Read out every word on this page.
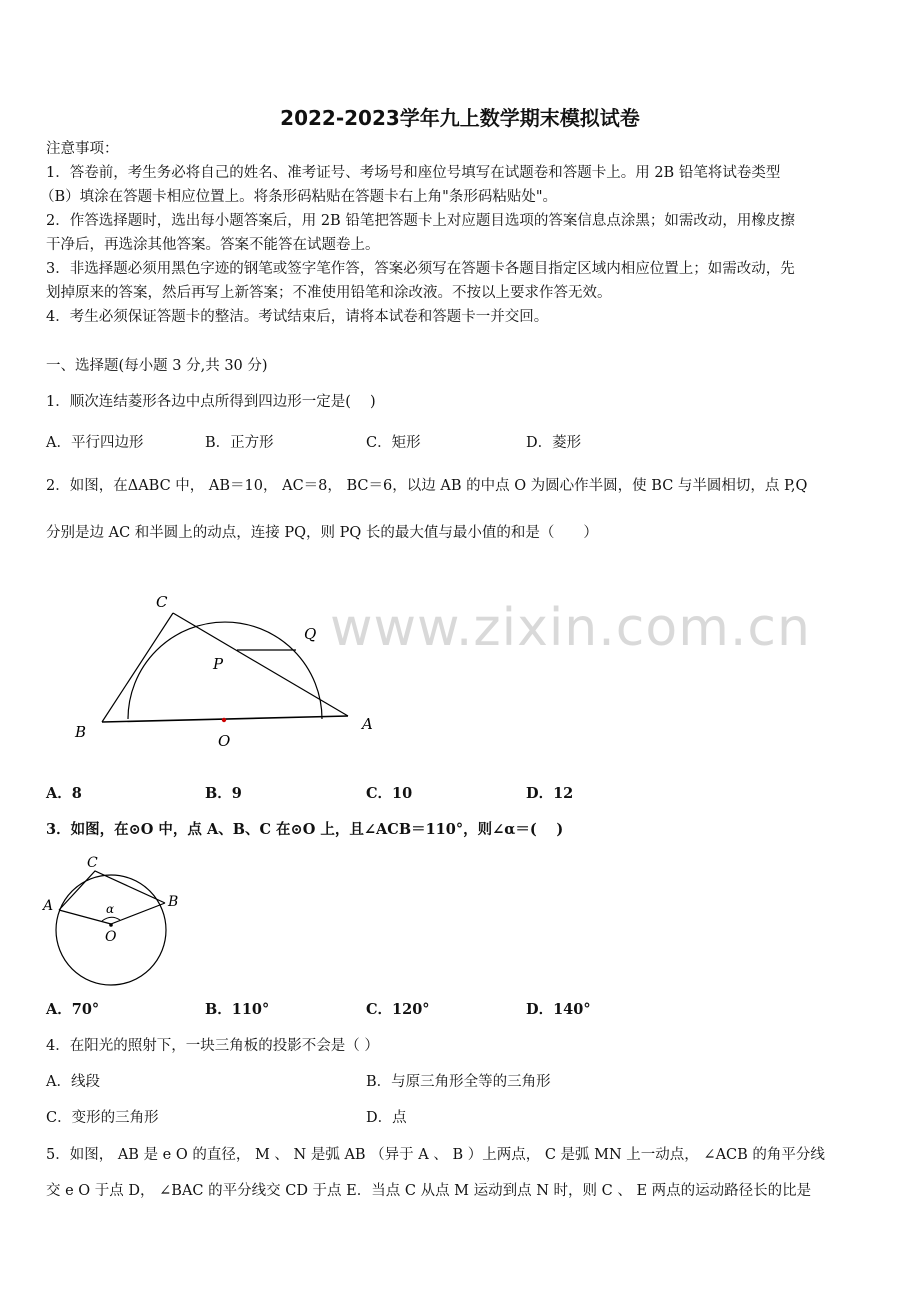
2022-2023学年九上数学期末模拟试卷
注意事项：
1．答卷前，考生务必将自己的姓名、准考证号、考场号和座位号填写在试题卷和答题卡上。用 2B 铅笔将试卷类型
（B）填涂在答题卡相应位置上。将条形码粘贴在答题卡右上角"条形码粘贴处"。
2．作答选择题时，选出每小题答案后，用 2B 铅笔把答题卡上对应题目选项的答案信息点涂黑；如需改动，用橡皮擦
干净后，再选涂其他答案。答案不能答在试题卷上。
3．非选择题必须用黑色字迹的钢笔或签字笔作答，答案必须写在答题卡各题目指定区域内相应位置上；如需改动，先
划掉原来的答案，然后再写上新答案；不准使用铅笔和涂改液。不按以上要求作答无效。
4．考生必须保证答题卡的整洁。考试结束后，请将本试卷和答题卡一并交回。
一、选择题(每小题 3 分,共 30 分)
1．顺次连结菱形各边中点所得到四边形一定是(　 )
A．平行四边形	B．正方形	C．矩形	D．菱形
2．如图，在ΔABC 中， AB＝10， AC＝8， BC＝6，以边 AB 的中点 O 为圆心作半圆，使 BC 与半圆相切，点 P,Q
分别是边 AC 和半圆上的动点，连接 PQ，则 PQ 长的最大值与最小值的和是（　　）
www.zixin.com.cn
C
Q
P
B	O
A
A．8	B．9	C．10	D．12
3．如图，在⊙O 中，点 A、B、C 在⊙O 上，且∠ACB＝110°，则∠α＝(　 )
C
A	B
α
O
A．70°	B．110°	C．120°	D．140°
4．在阳光的照射下，一块三角板的投影不会是（ ）
A．线段	B．与原三角形全等的三角形
C．变形的三角形	D．点
5．如图， AB 是 e O 的直径， M 、 N 是弧 AB （异于 A 、 B ）上两点， C 是弧 MN 上一动点， ∠ACB 的角平分线
交 e O 于点 D， ∠BAC 的平分线交 CD 于点 E．当点 C 从点 M 运动到点 N 时，则 C 、 E 两点的运动路径长的比是
